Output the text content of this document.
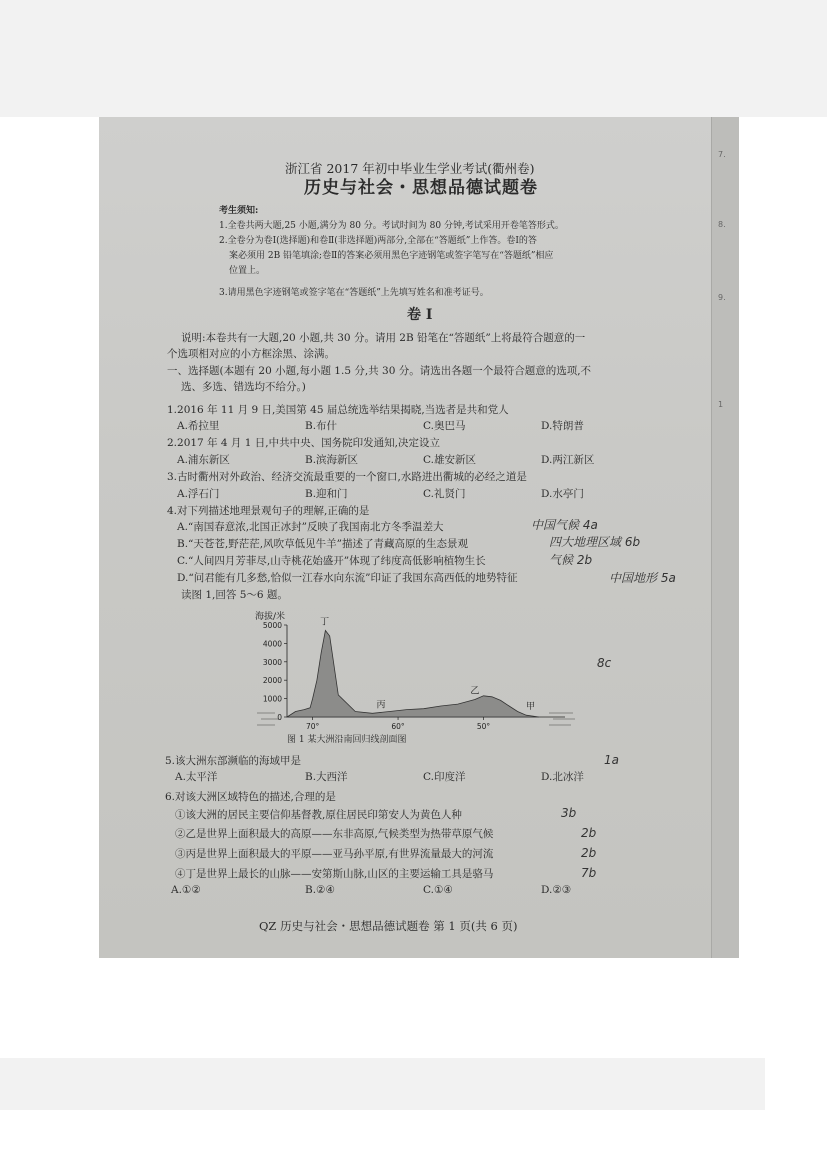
7.
8.
9.
1
浙江省 2017 年初中毕业生学业考试(衢州卷)
历史与社会・思想品德试题卷
考生须知:
1.全卷共两大题,25 小题,满分为 80 分。考试时间为 80 分钟,考试采用开卷笔答形式。
2.全卷分为卷Ⅰ(选择题)和卷Ⅱ(非选择题)两部分,全部在“答题纸”上作答。卷Ⅰ的答
案必须用 2B 铅笔填涂;卷Ⅱ的答案必须用黑色字迹钢笔或签字笔写在“答题纸”相应
位置上。
3.请用黑色字迹钢笔或签字笔在“答题纸”上先填写姓名和准考证号。
卷 Ⅰ
说明:本卷共有一大题,20 小题,共 30 分。请用 2B 铅笔在“答题纸”上将最符合题意的一
个选项相对应的小方框涂黑、涂满。
一、选择题(本题有 20 小题,每小题 1.5 分,共 30 分。请选出各题一个最符合题意的选项,不
选、多选、错选均不给分。)
1.2016 年 11 月 9 日,美国第 45 届总统选举结果揭晓,当选者是共和党人
A.希拉里	B.布什	C.奥巴马	D.特朗普
2.2017 年 4 月 1 日,中共中央、国务院印发通知,决定设立
A.浦东新区	B.滨海新区	C.雄安新区	D.两江新区
3.古时衢州对外政治、经济交流最重要的一个窗口,水路进出衢城的必经之道是
A.浮石门	B.迎和门	C.礼贤门	D.水亭门
4.对下列描述地理景观句子的理解,正确的是
A.“南国春意浓,北国正冰封”反映了我国南北方冬季温差大
B.“天苍苍,野茫茫,风吹草低见牛羊”描述了青藏高原的生态景观
C.“人间四月芳菲尽,山寺桃花始盛开”体现了纬度高低影响植物生长
D.“问君能有几多愁,恰似一江春水向东流”印证了我国东高西低的地势特征
中国气候 4a
四大地理区域 6b
气候 2b
中国地形 5a
读图 1,回答 5～6 题。
海拔/米
0
1000
2000
3000
4000
5000
70°	60°	50°
丁
丙
乙
甲
图 1 某大洲沿南回归线剖面图
8c
5.该大洲东部濒临的海域甲是	1a
A.太平洋	B.大西洋	C.印度洋	D.北冰洋
6.对该大洲区域特色的描述,合理的是
①该大洲的居民主要信仰基督教,原住居民印第安人为黄色人种
②乙是世界上面积最大的高原——东非高原,气候类型为热带草原气候
③丙是世界上面积最大的平原——亚马孙平原,有世界流量最大的河流
④丁是世界上最长的山脉——安第斯山脉,山区的主要运输工具是骆马
3b
2b
2b
7b
A.①②	B.②④	C.①④	D.②③
QZ 历史与社会・思想品德试题卷 第 1 页(共 6 页)
